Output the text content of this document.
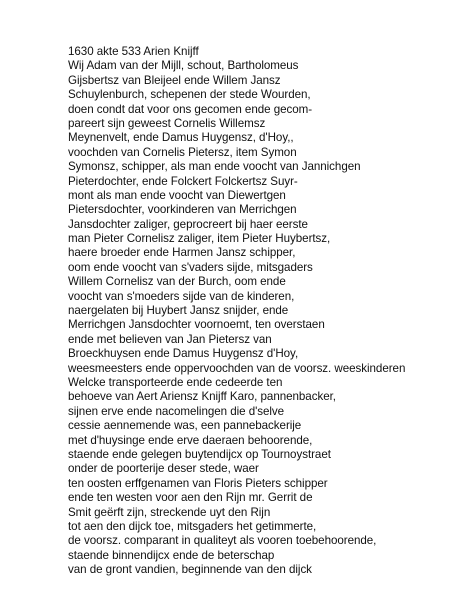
1630 akte 533 Arien Knijff
Wij Adam van der Mijll, schout, Bartholomeus
Gijsbertsz van Bleijeel ende Willem Jansz
Schuylenburch, schepenen der stede Wourden,
doen condt dat voor ons gecomen ende gecom-
pareert sijn geweest Cornelis Willemsz
Meynenvelt, ende Damus Huygensz, d'Hoy,,
voochden van Cornelis Pietersz, item Symon
Symonsz, schipper, als man ende voocht van Jannichgen
Pieterdochter, ende Folckert Folckertsz Suyr-
mont als man ende voocht van Diewertgen
Pietersdochter, voorkinderen van Merrichgen
Jansdochter zaliger, geprocreert bij haer eerste
man Pieter Cornelisz zaliger, item Pieter Huybertsz,
haere broeder ende Harmen Jansz schipper,
oom ende voocht van s'vaders sijde, mitsgaders
Willem Cornelisz van der Burch, oom ende
voocht van s'moeders sijde van de kinderen,
naergelaten bij Huybert Jansz snijder, ende
Merrichgen Jansdochter voornoemt, ten overstaen
ende met believen van Jan Pietersz van
Broeckhuysen ende Damus Huygensz d'Hoy,
weesmeesters ende oppervoochden van de voorsz. weeskinderen
Welcke transporteerde ende cedeerde ten
behoeve van Aert Ariensz Knijff Karo, pannenbacker,
sijnen erve ende nacomelingen die d'selve
cessie aennemende was, een pannebackerije
met d'huysinge ende erve daeraen behoorende,
staende ende gelegen buytendijcx op Tournoystraet
onder de poorterije deser stede, waer
ten oosten erffgenamen van Floris Pieters schipper
ende ten westen voor aen den Rijn mr. Gerrit de
Smit geërft zijn, streckende uyt den Rijn
tot aen den dijck toe, mitsgaders het getimmerte,
de voorsz. comparant in qualiteyt als vooren toebehoorende,
staende binnendijcx ende de beterschap
van de gront vandien, beginnende van den dijck
